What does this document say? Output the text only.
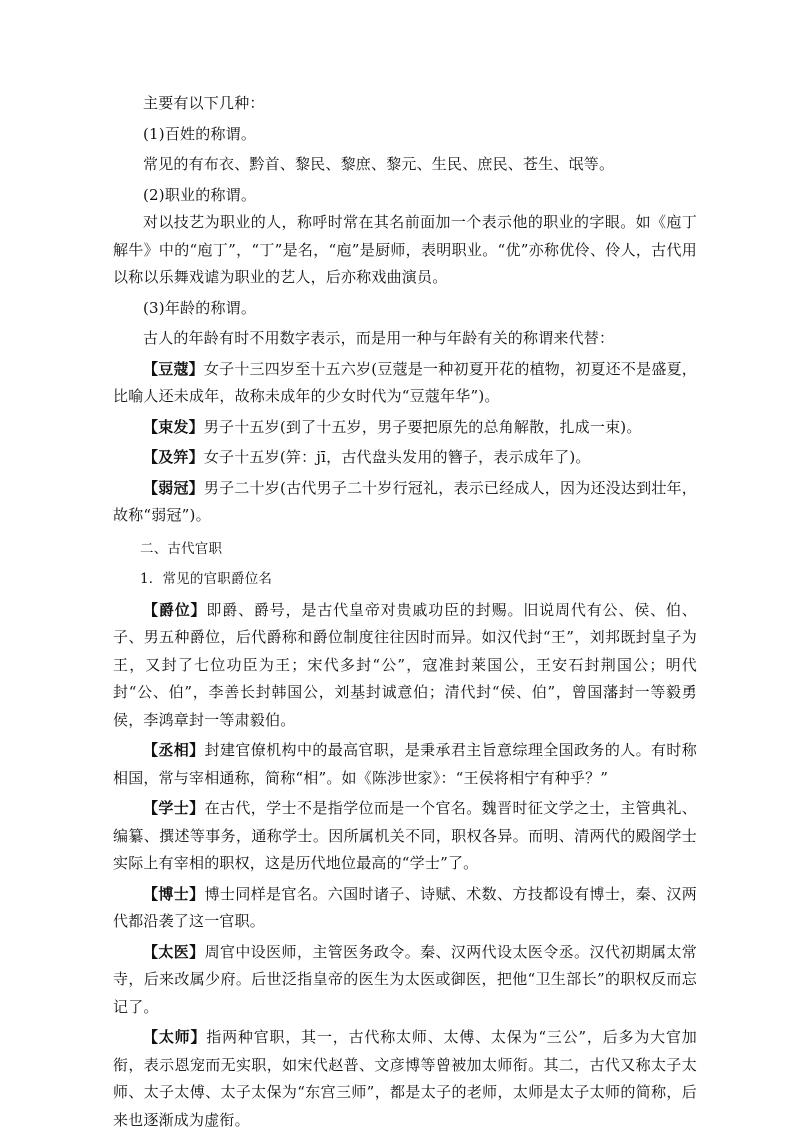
主要有以下几种：

(1)百姓的称谓。

常见的有布衣、黔首、黎民、黎庶、黎元、生民、庶民、苍生、氓等。

(2)职业的称谓。

对以技艺为职业的人，称呼时常在其名前面加一个表示他的职业的字眼。如《庖丁解牛》中的“庖丁”，“丁”是名，“庖”是厨师，表明职业。“优”亦称优伶、伶人，古代用以称以乐舞戏谑为职业的艺人，后亦称戏曲演员。

(3)年龄的称谓。

古人的年龄有时不用数字表示，而是用一种与年龄有关的称谓来代替：

【豆蔻】女子十三四岁至十五六岁(豆蔻是一种初夏开花的植物，初夏还不是盛夏，比喻人还未成年，故称未成年的少女时代为“豆蔻年华”)。

【束发】男子十五岁(到了十五岁，男子要把原先的总角解散，扎成一束)。

【及笄】女子十五岁(笄：jī，古代盘头发用的簪子，表示成年了)。

【弱冠】男子二十岁(古代男子二十岁行冠礼，表示已经成人，因为还没达到壮年，故称“弱冠”)。

二、古代官职

1．常见的官职爵位名

【爵位】即爵、爵号，是古代皇帝对贵戚功臣的封赐。旧说周代有公、侯、伯、子、男五种爵位，后代爵称和爵位制度往往因时而异。如汉代封“王”，刘邦既封皇子为王，又封了七位功臣为王；宋代多封“公”，寇准封莱国公，王安石封荆国公；明代封“公、伯”，李善长封韩国公，刘基封诚意伯；清代封“侯、伯”，曾国藩封一等毅勇侯，李鸿章封一等肃毅伯。

【丞相】封建官僚机构中的最高官职，是秉承君主旨意综理全国政务的人。有时称相国，常与宰相通称，简称“相”。如《陈涉世家》：“王侯将相宁有种乎？”

【学士】在古代，学士不是指学位而是一个官名。魏晋时征文学之士，主管典礼、编纂、撰述等事务，通称学士。因所属机关不同，职权各异。而明、清两代的殿阁学士实际上有宰相的职权，这是历代地位最高的“学士”了。

【博士】博士同样是官名。六国时诸子、诗赋、术数、方技都设有博士，秦、汉两代都沿袭了这一官职。

【太医】周官中设医师，主管医务政令。秦、汉两代设太医令丞。汉代初期属太常寺，后来改属少府。后世泛指皇帝的医生为太医或御医，把他“卫生部长”的职权反而忘记了。

【太师】指两种官职，其一，古代称太师、太傅、太保为“三公”，后多为大官加衔，表示恩宠而无实职，如宋代赵普、文彦博等曾被加太师衔。其二，古代又称太子太师、太子太傅、太子太保为“东宫三师”，都是太子的老师，太师是太子太师的简称，后来也逐渐成为虚衔。
